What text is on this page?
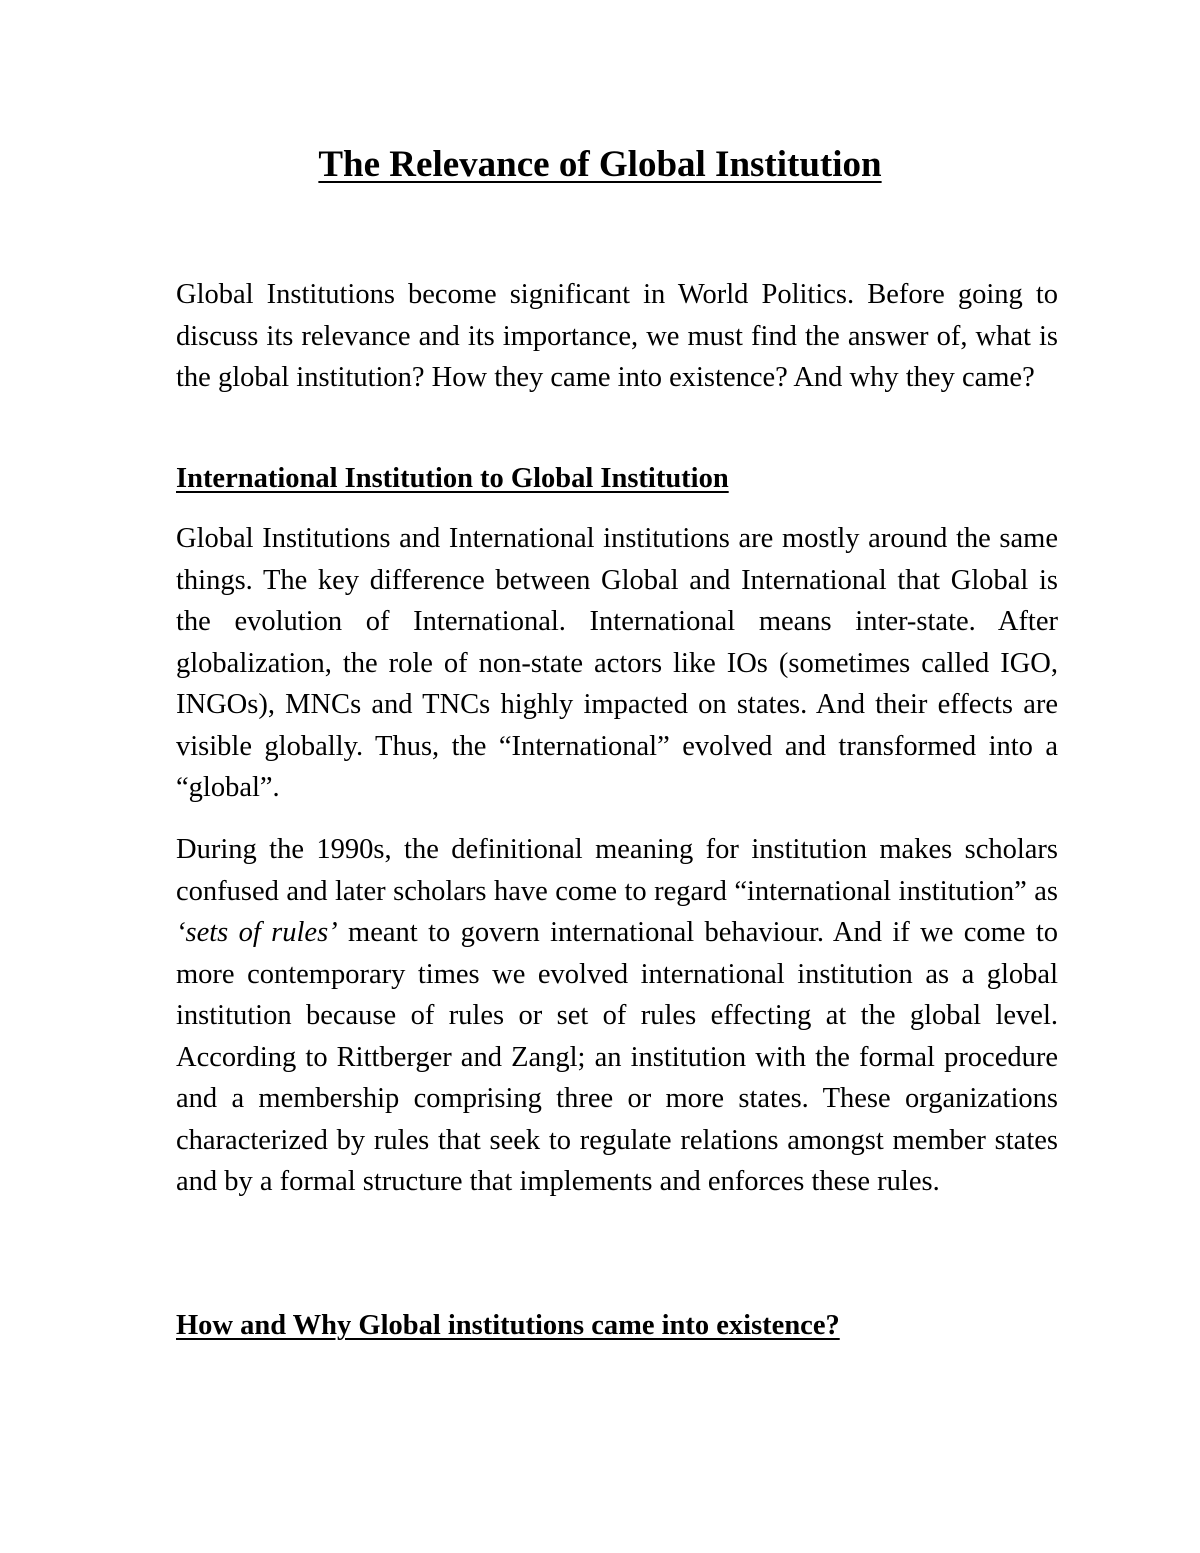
The Relevance of Global Institution

Global Institutions become significant in World Politics. Before going to discuss its relevance and its importance, we must find the answer of, what is the global institution? How they came into existence? And why they came?

International Institution to Global Institution

Global Institutions and International institutions are mostly around the same things. The key difference between Global and International that Global is the evolution of International. International means inter-state. After globalization, the role of non-state actors like IOs (sometimes called IGO, INGOs), MNCs and TNCs highly impacted on states. And their effects are visible globally. Thus, the “International” evolved and transformed into a “global”.

During the 1990s, the definitional meaning for institution makes scholars confused and later scholars have come to regard “international institution” as ‘sets of rules’ meant to govern international behaviour. And if we come to more contemporary times we evolved international institution as a global institution because of rules or set of rules effecting at the global level. According to Rittberger and Zangl; an institution with the formal procedure and a membership comprising three or more states. These organizations characterized by rules that seek to regulate relations amongst member states and by a formal structure that implements and enforces these rules.

How and Why Global institutions came into existence?
